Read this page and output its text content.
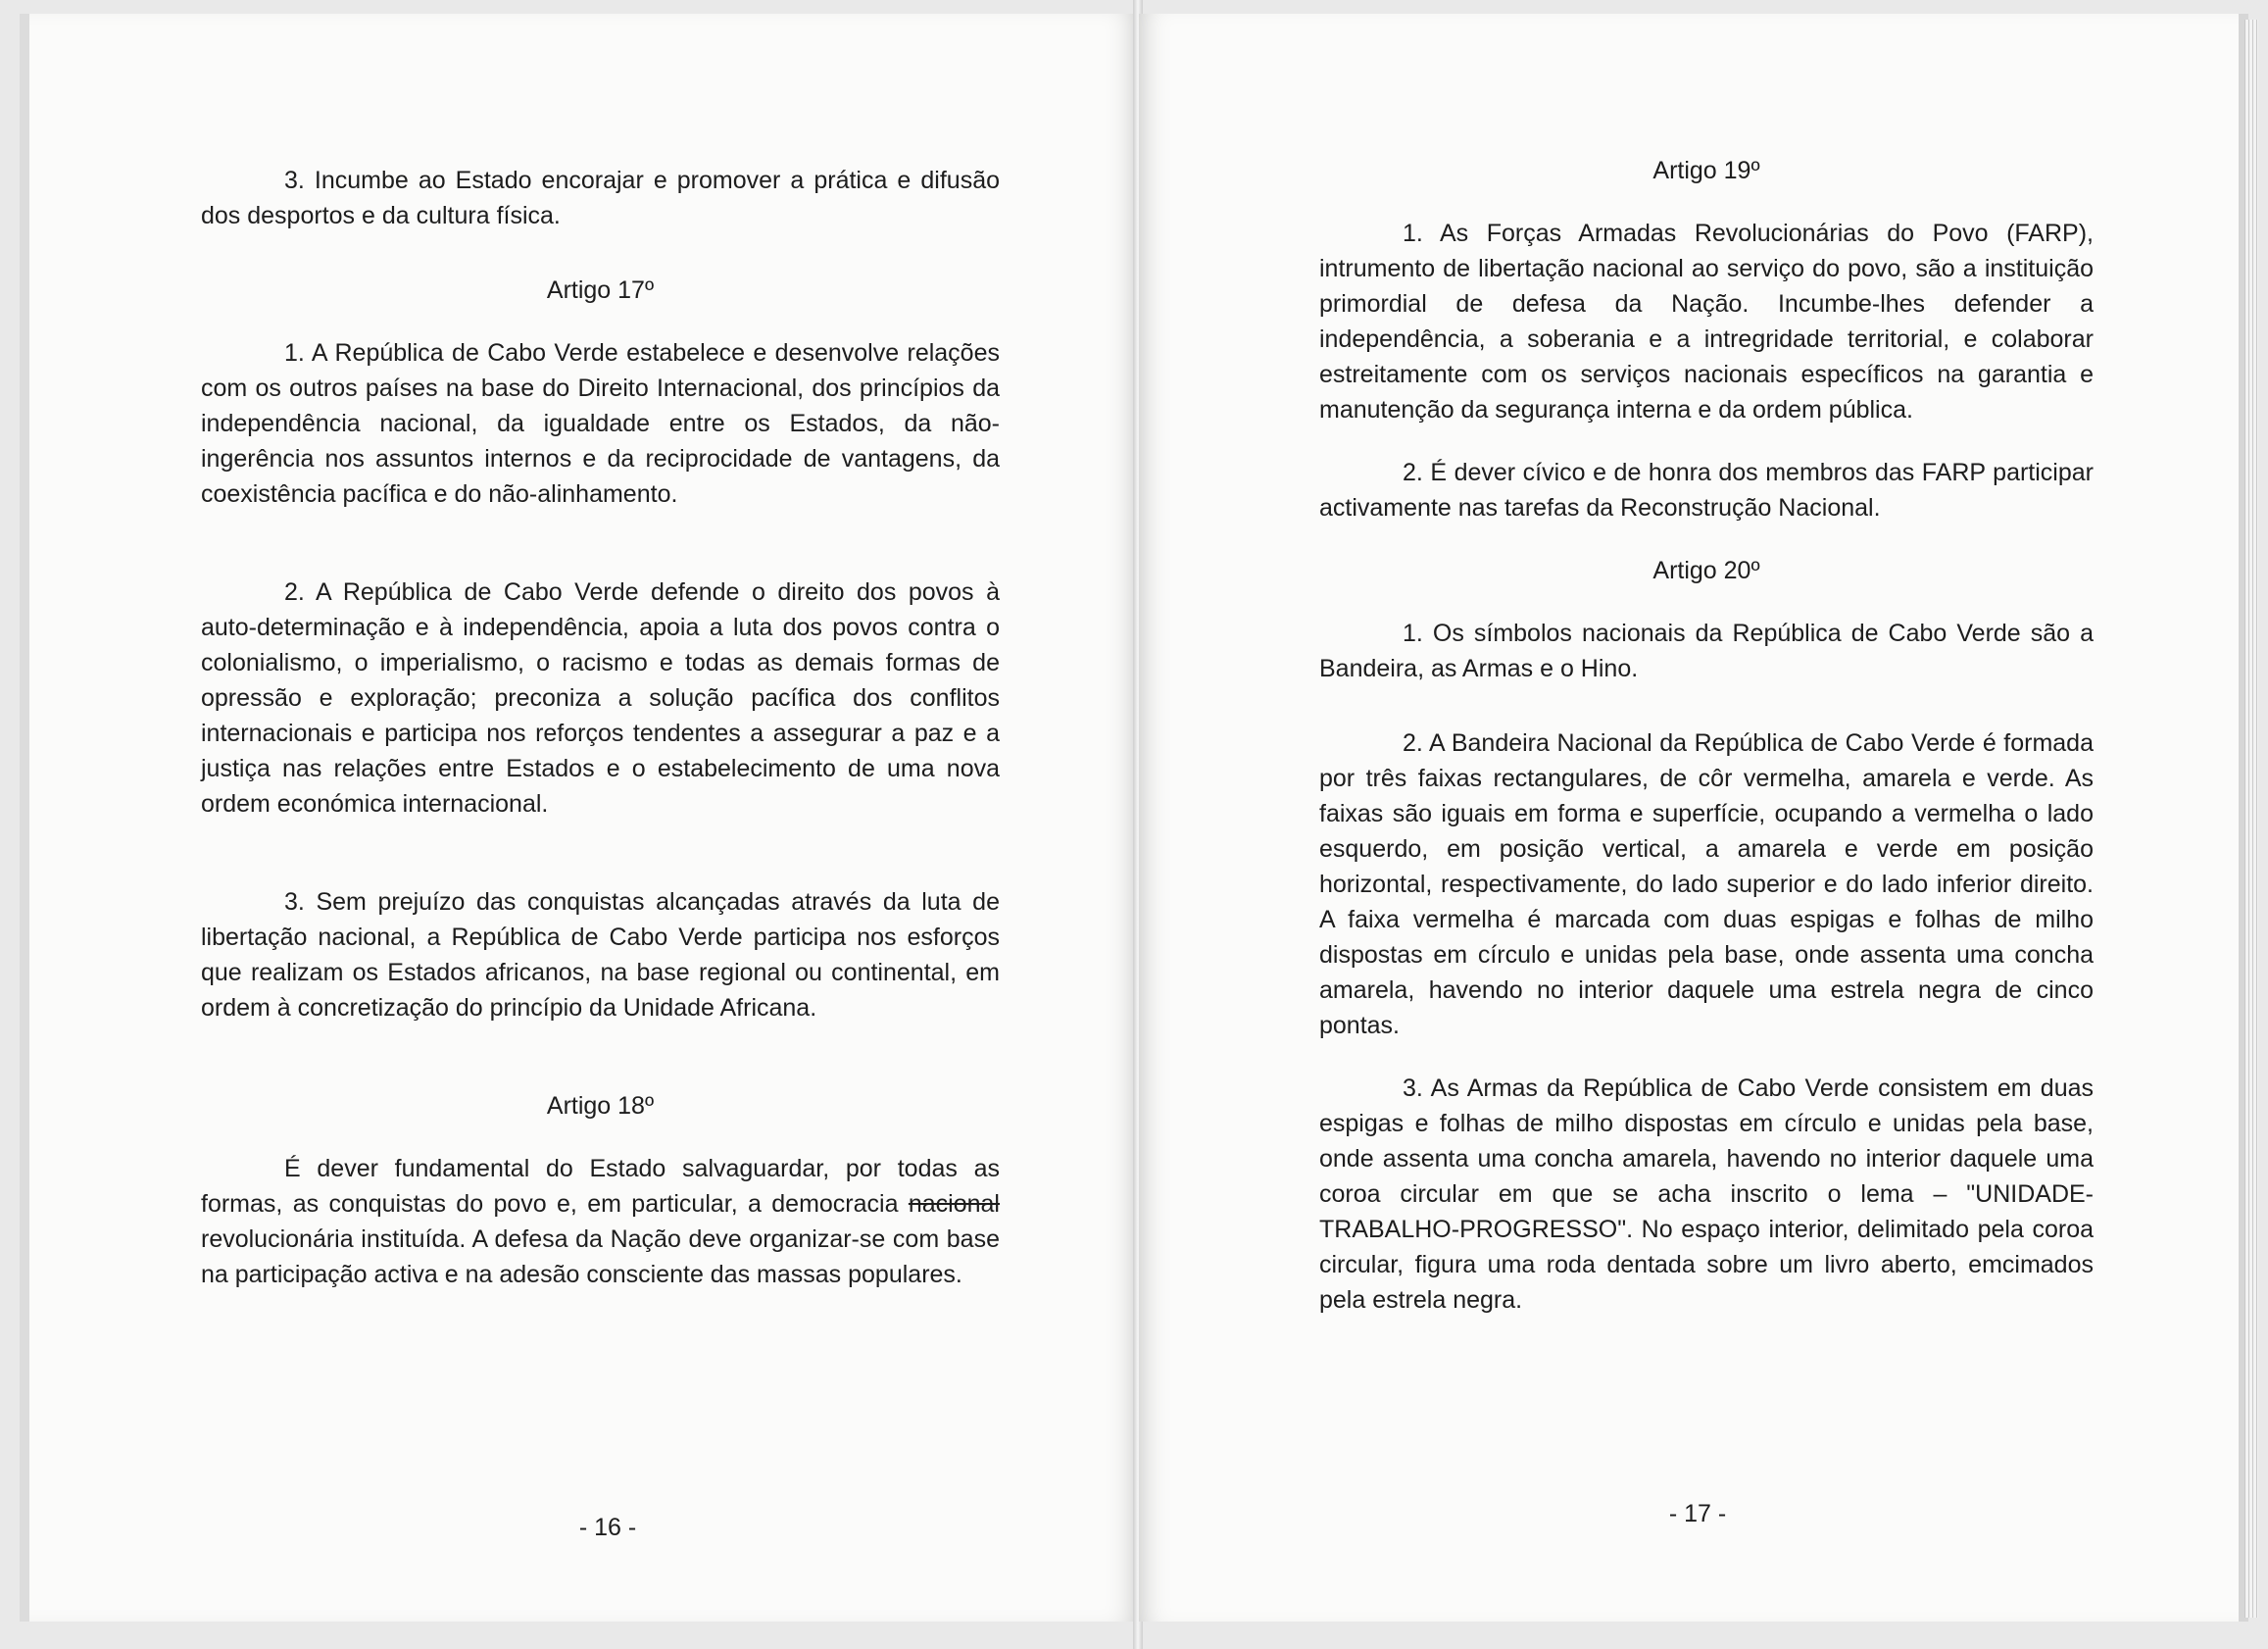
3. Incumbe ao Estado encorajar e promover a prática e difusão dos desportos e da cultura física.

Artigo 17º

1. A República de Cabo Verde estabelece e desenvolve relações com os outros países na base do Direito Internacional, dos princípios da independência nacional, da igualdade entre os Estados, da não-ingerência nos assuntos internos e da reciprocidade de vantagens, da coexistência pacífica e do não-alinhamento.

2. A República de Cabo Verde defende o direito dos povos à auto-determinação e à independência, apoia a luta dos povos contra o colonialismo, o imperialismo, o racismo e todas as demais formas de opressão e exploração; preconiza a solução pacífica dos conflitos internacionais e participa nos reforços tendentes a assegurar a paz e a justiça nas relações entre Estados e o estabelecimento de uma nova ordem económica internacional.

3. Sem prejuízo das conquistas alcançadas através da luta de libertação nacional, a República de Cabo Verde participa nos esforços que realizam os Estados africanos, na base regional ou continental, em ordem à concretização do princípio da Unidade Africana.

Artigo 18º

É dever fundamental do Estado salvaguardar, por todas as formas, as conquistas do povo e, em particular, a democracia nacional revolucionária instituída. A defesa da Nação deve organizar-se com base na participação activa e na adesão consciente das massas populares.

- 16 -

Artigo 19º

1. As Forças Armadas Revolucionárias do Povo (FARP), intrumento de libertação nacional ao serviço do povo, são a instituição primordial de defesa da Nação. Incumbe-lhes defender a independência, a soberania e a intregridade territorial, e colaborar estreitamente com os serviços nacionais específicos na garantia e manutenção da segurança interna e da ordem pública.

2. É dever cívico e de honra dos membros das FARP participar activamente nas tarefas da Reconstrução Nacional.

Artigo 20º

1. Os símbolos nacionais da República de Cabo Verde são a Bandeira, as Armas e o Hino.

2. A Bandeira Nacional da República de Cabo Verde é formada por três faixas rectangulares, de côr vermelha, amarela e verde. As faixas são iguais em forma e superfície, ocupando a vermelha o lado esquerdo, em posição vertical, a amarela e verde em posição horizontal, respectivamente, do lado superior e do lado inferior direito. A faixa vermelha é marcada com duas espigas e folhas de milho dispostas em círculo e unidas pela base, onde assenta uma concha amarela, havendo no interior daquele uma estrela negra de cinco pontas.

3. As Armas da República de Cabo Verde consistem em duas espigas e folhas de milho dispostas em círculo e unidas pela base, onde assenta uma concha amarela, havendo no interior daquele uma coroa circular em que se acha inscrito o lema – "UNIDADE-TRABALHO-PROGRESSO". No espaço interior, delimitado pela coroa circular, figura uma roda dentada sobre um livro aberto, emcimados pela estrela negra.

- 17 -
